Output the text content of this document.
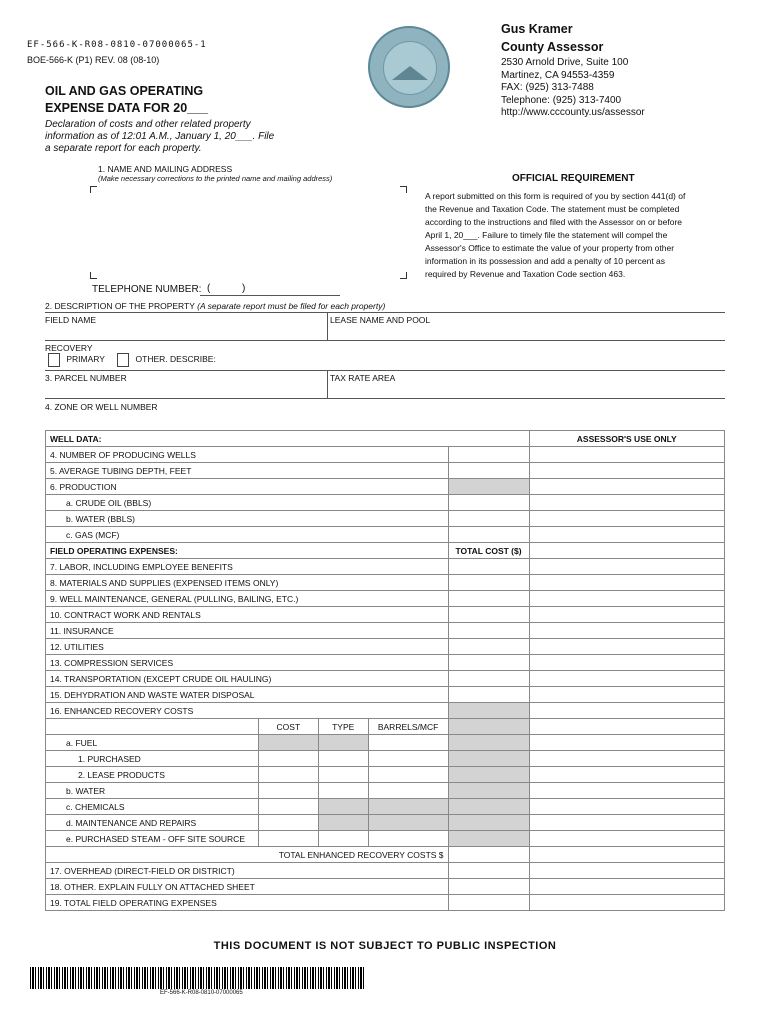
EF-566-K-R08-0810-07000065-1
BOE-566-K (P1) REV. 08 (08-10)
OIL AND GAS OPERATING
EXPENSE DATA FOR 20___
Declaration of costs and other related property
information as of 12:01 A.M., January 1, 20___. File
a separate report for each property.
Gus Kramer
County Assessor
2530 Arnold Drive, Suite 100
Martinez, CA 94553-4359
FAX: (925) 313-7488
Telephone: (925) 313-7400
http://www.cccounty.us/assessor
1. NAME AND MAILING ADDRESS
(Make necessary corrections to the printed name and mailing address)
TELEPHONE NUMBER: (	)
OFFICIAL REQUIREMENT
A report submitted on this form is required of you by section 441(d) of
the Revenue and Taxation Code. The statement must be completed
according to the instructions and filed with the Assessor on or before
April 1, 20___. Failure to timely file the statement will compel the
Assessor's Office to estimate the value of your property from other
information in its possession and add a penalty of 10 percent as
required by Revenue and Taxation Code section 463.
2. DESCRIPTION OF THE PROPERTY (A separate report must be filed for each property)
FIELD NAME	LEASE NAME AND POOL
RECOVERY
PRIMARY	OTHER. DESCRIBE:
3. PARCEL NUMBER	TAX RATE AREA
4. ZONE OR WELL NUMBER
WELL DATA:					ASSESSOR'S USE ONLY
4. NUMBER OF PRODUCING WELLS					
5. AVERAGE TUBING DEPTH, FEET					
6. PRODUCTION					
a. CRUDE OIL (BBLS)					
b. WATER (BBLS)					
c. GAS (MCF)					
FIELD OPERATING EXPENSES:				TOTAL COST ($)	
7. LABOR, INCLUDING EMPLOYEE BENEFITS					
8. MATERIALS AND SUPPLIES (EXPENSED ITEMS ONLY)					
9. WELL MAINTENANCE, GENERAL (PULLING, BAILING, ETC.)					
10. CONTRACT WORK AND RENTALS					
11. INSURANCE					
12. UTILITIES					
13. COMPRESSION SERVICES					
14. TRANSPORTATION (EXCEPT CRUDE OIL HAULING)					
15. DEHYDRATION AND WASTE WATER DISPOSAL					
16. ENHANCED RECOVERY COSTS					
	COST	TYPE	BARRELS/MCF		
a. FUEL					
1. PURCHASED					
2. LEASE PRODUCTS					
b. WATER					
c. CHEMICALS					
d. MAINTENANCE AND REPAIRS					
e. PURCHASED STEAM - OFF SITE SOURCE					
TOTAL ENHANCED RECOVERY COSTS $					
17. OVERHEAD (DIRECT-FIELD OR DISTRICT)					
18. OTHER. EXPLAIN FULLY ON ATTACHED SHEET					
19. TOTAL FIELD OPERATING EXPENSES					
THIS DOCUMENT IS NOT SUBJECT TO PUBLIC INSPECTION
EF-566-K-R08-0810-07000065
